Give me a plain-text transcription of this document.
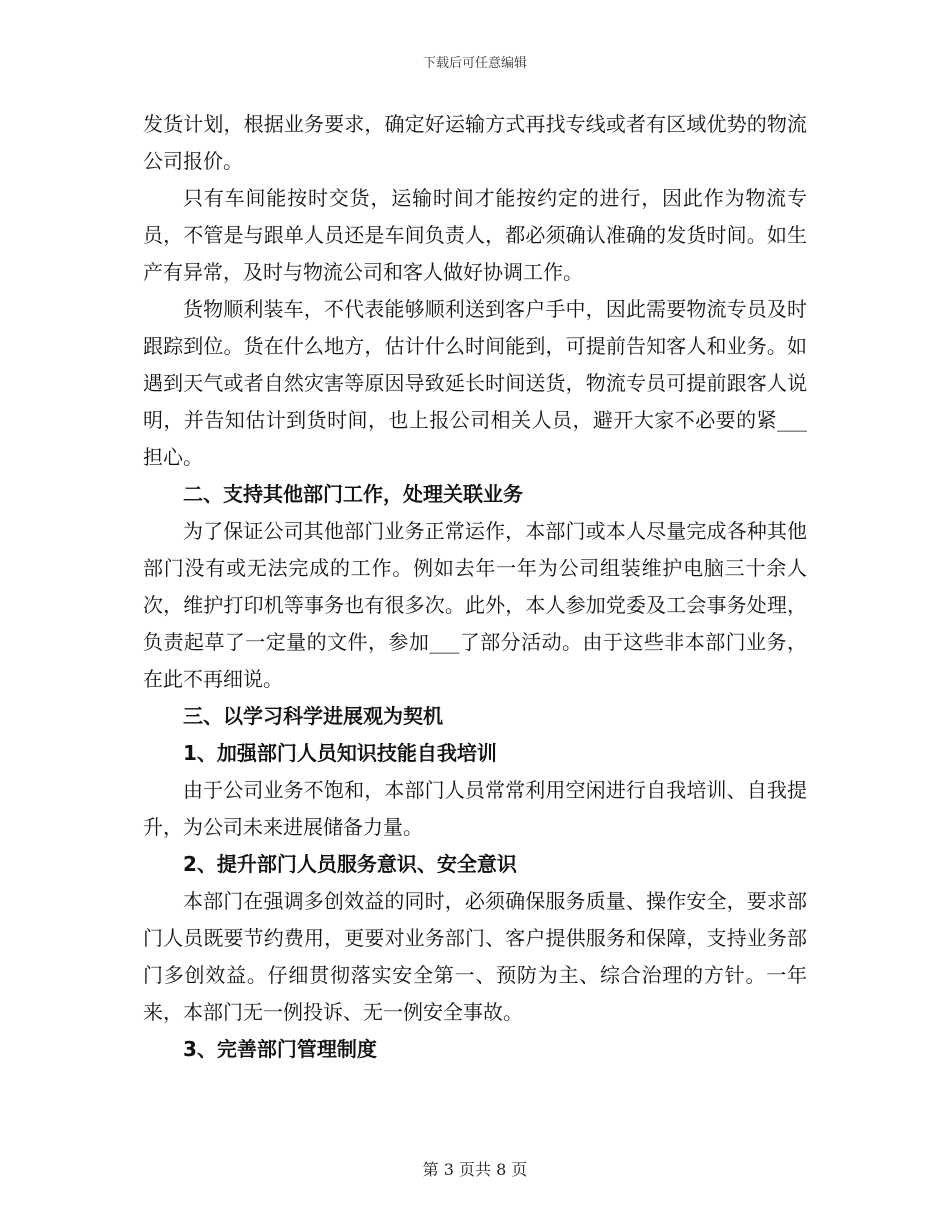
下载后可任意编辑

发货计划，根据业务要求，确定好运输方式再找专线或者有区域优势的物流公司报价。

只有车间能按时交货，运输时间才能按约定的进行，因此作为物流专员，不管是与跟单人员还是车间负责人，都必须确认准确的发货时间。如生产有异常，及时与物流公司和客人做好协调工作。

货物顺利装车，不代表能够顺利送到客户手中，因此需要物流专员及时跟踪到位。货在什么地方，估计什么时间能到，可提前告知客人和业务。如遇到天气或者自然灾害等原因导致延长时间送货，物流专员可提前跟客人说明，并告知估计到货时间，也上报公司相关人员，避开大家不必要的紧___担心。

二、支持其他部门工作，处理关联业务

为了保证公司其他部门业务正常运作，本部门或本人尽量完成各种其他部门没有或无法完成的工作。例如去年一年为公司组装维护电脑三十余人次，维护打印机等事务也有很多次。此外，本人参加党委及工会事务处理，负责起草了一定量的文件，参加___了部分活动。由于这些非本部门业务，在此不再细说。

三、以学习科学进展观为契机

1、加强部门人员知识技能自我培训

由于公司业务不饱和，本部门人员常常利用空闲进行自我培训、自我提升，为公司未来进展储备力量。

2、提升部门人员服务意识、安全意识

本部门在强调多创效益的同时，必须确保服务质量、操作安全，要求部门人员既要节约费用，更要对业务部门、客户提供服务和保障，支持业务部门多创效益。仔细贯彻落实安全第一、预防为主、综合治理的方针。一年来，本部门无一例投诉、无一例安全事故。

3、完善部门管理制度

第 3 页共 8 页
